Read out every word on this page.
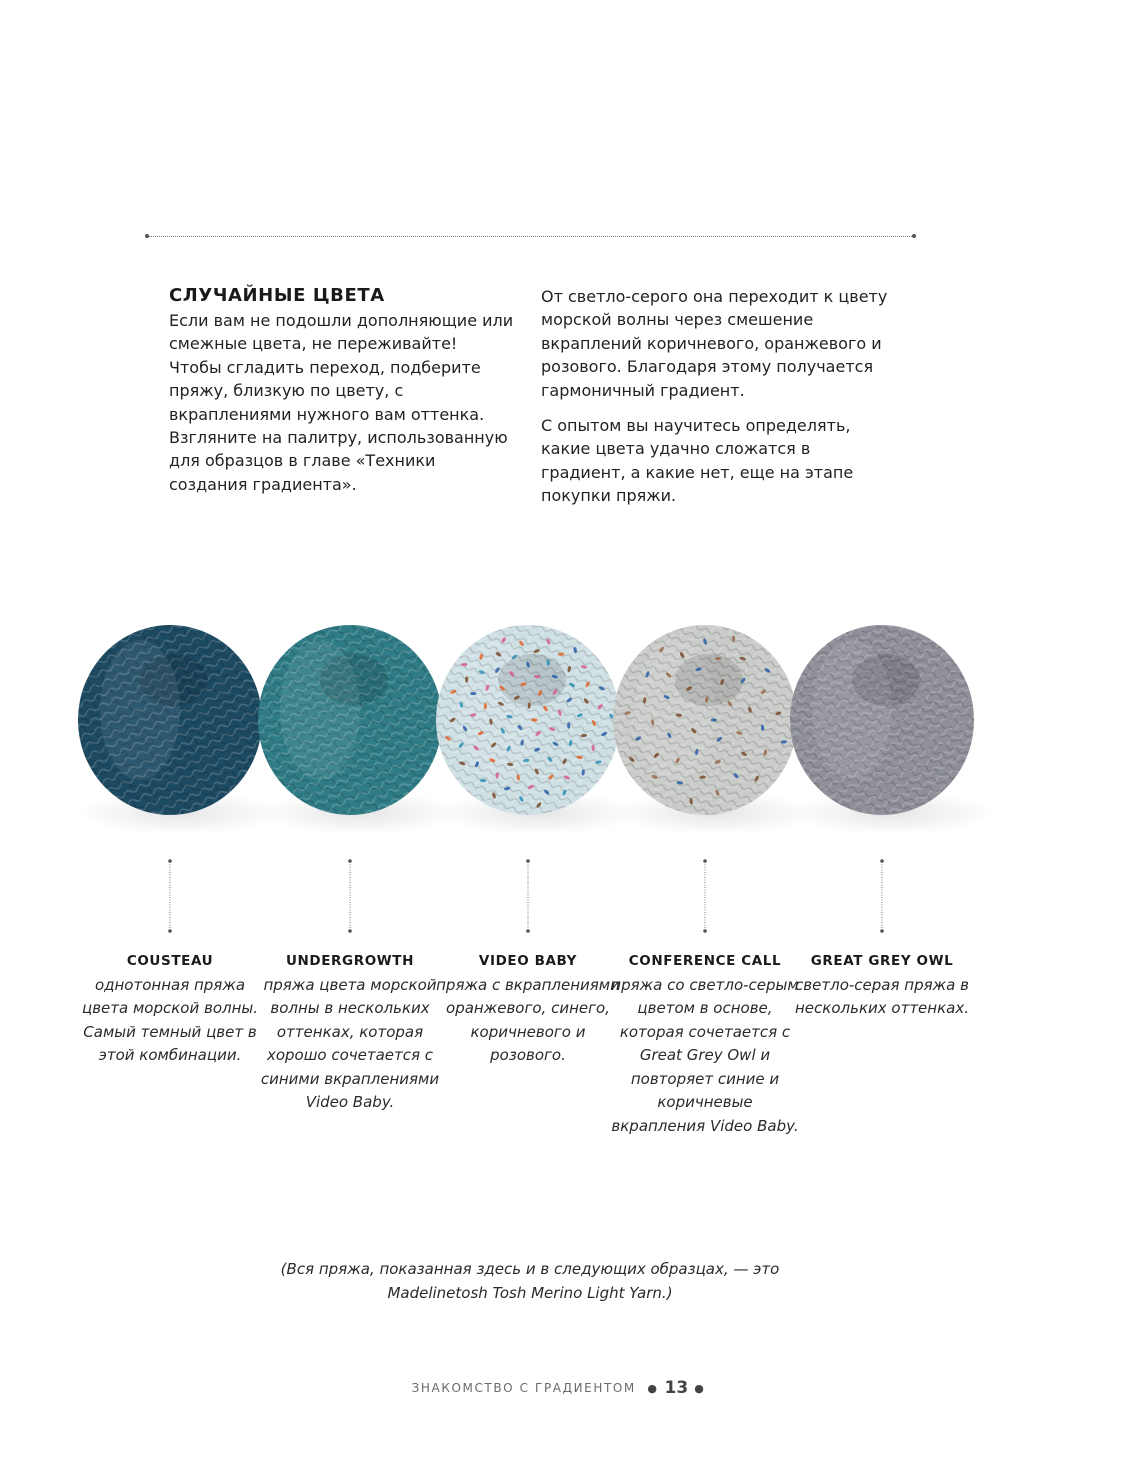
СЛУЧАЙНЫЕ ЦВЕТА

Если вам не подошли дополняющие или смежные цвета, не переживайте! Чтобы сгладить переход, подберите пряжу, близкую по цвету, с вкраплениями нужного вам оттенка. Взгляните на палитру, использованную для образцов в главе «Техники создания градиента».

От светло-серого она переходит к цвету морской волны через смешение вкраплений коричневого, оранжевого и розового. Благодаря этому получается гармоничный градиент.

С опытом вы научитесь определять, какие цвета удачно сложатся в градиент, а какие нет, еще на этапе покупки пряжи.

COUSTEAU
однотонная пряжа цвета морской волны. Самый темный цвет в этой комбинации.
UNDERGROWTH
пряжа цвета морской волны в нескольких оттенках, которая хорошо сочетается с синими вкраплениями Video Baby.
VIDEO BABY
пряжа с вкраплениями оранжевого, синего, коричневого и розового.
CONFERENCE CALL
пряжа со светло-серым цветом в основе, которая сочетается с Great Grey Owl и повторяет синие и коричневые вкрапления Video Baby.
GREAT GREY OWL
светло-серая пряжа в нескольких оттенках.
(Вся пряжа, показанная здесь и в следующих образцах, — это Madelinetosh Tosh Merino Light Yarn.)
ЗНАКОМСТВО С ГРАДИЕНТОМ ● 13 ●
